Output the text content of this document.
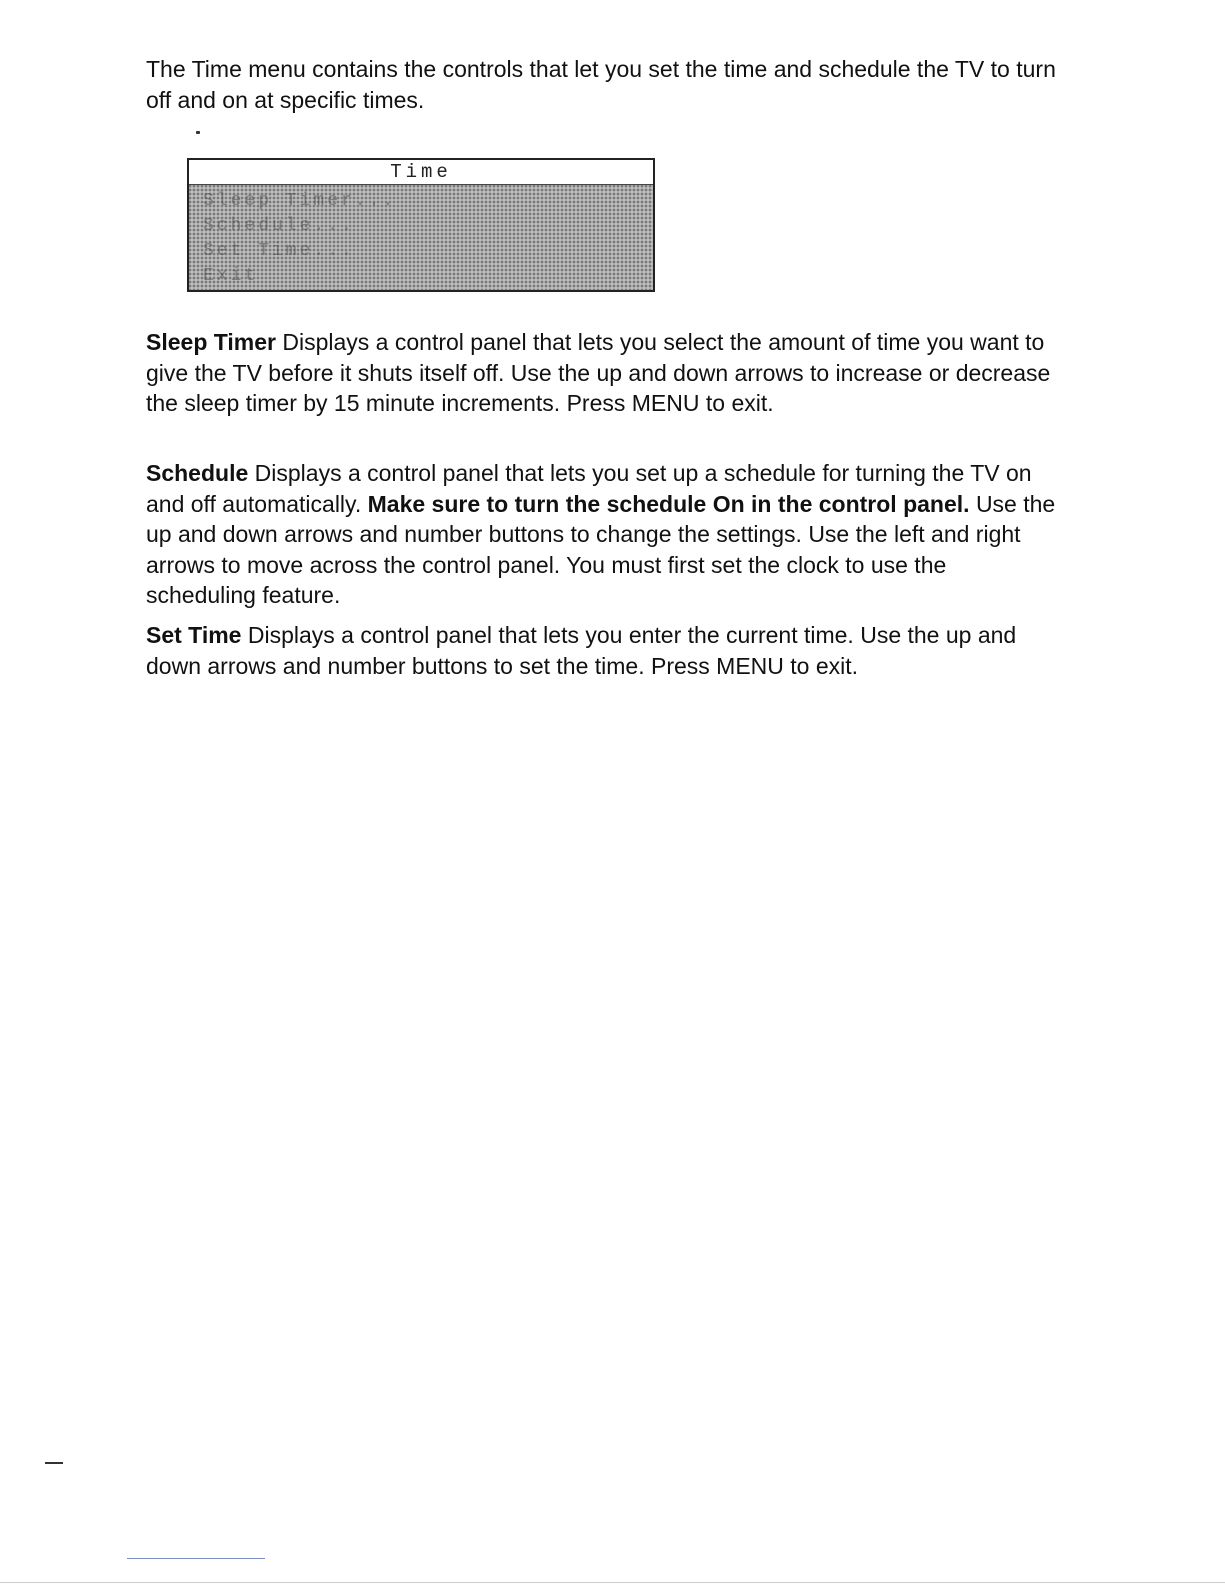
The Time menu contains the controls that let you set the time and schedule the TV to turn off and on at specific times.

Time
Sleep Timer...
Schedule...
Set Time...
Exit

Sleep Timer Displays a control panel that lets you select the amount of time you want to give the TV before it shuts itself off. Use the up and down arrows to increase or decrease the sleep timer by 15 minute increments. Press MENU to exit.

Schedule Displays a control panel that lets you set up a schedule for turning the TV on and off automatically. Make sure to turn the schedule On in the control panel. Use the up and down arrows and number buttons to change the settings. Use the left and right arrows to move across the control panel. You must first set the clock to use the scheduling feature.

Set Time Displays a control panel that lets you enter the current time. Use the up and down arrows and number buttons to set the time. Press MENU to exit.
